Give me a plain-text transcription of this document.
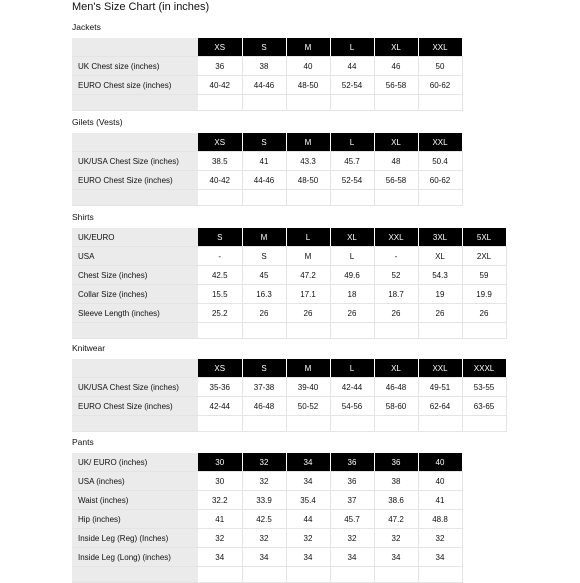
Men's Size Chart (in inches)
Jackets
	XS	S	M	L	XL	XXL
UK Chest size (inches)	36	38	40	44	46	50
EURO Chest size (inches)	40-42	44-46	48-50	52-54	56-58	60-62

Gilets (Vests)
	XS	S	M	L	XL	XXL
UK/USA Chest Size (inches)	38.5	41	43.3	45.7	48	50.4
EURO Chest Size (inches)	40-42	44-46	48-50	52-54	56-58	60-62

Shirts
UK/EURO	S	M	L	XL	XXL	3XL	5XL
USA	-	S	M	L	-	XL	2XL
Chest Size (inches)	42.5	45	47.2	49.6	52	54.3	59
Collar Size (inches)	15.5	16.3	17.1	18	18.7	19	19.9
Sleeve Length (inches)	25.2	26	26	26	26	26	26

Knitwear
	XS	S	M	L	XL	XXL	XXXL
UK/USA Chest Size (inches)	35-36	37-38	39-40	42-44	46-48	49-51	53-55
EURO Chest Size (inches)	42-44	46-48	50-52	54-56	58-60	62-64	63-65

Pants
UK/ EURO (inches)	30	32	34	36	36	40
USA (inches)	30	32	34	36	38	40
Waist (inches)	32.2	33.9	35.4	37	38.6	41
Hip (inches)	41	42.5	44	45.7	47.2	48.8
Inside Leg (Reg) (Inches)	32	32	32	32	32	32
Inside Leg (Long) (inches)	34	34	34	34	34	34
